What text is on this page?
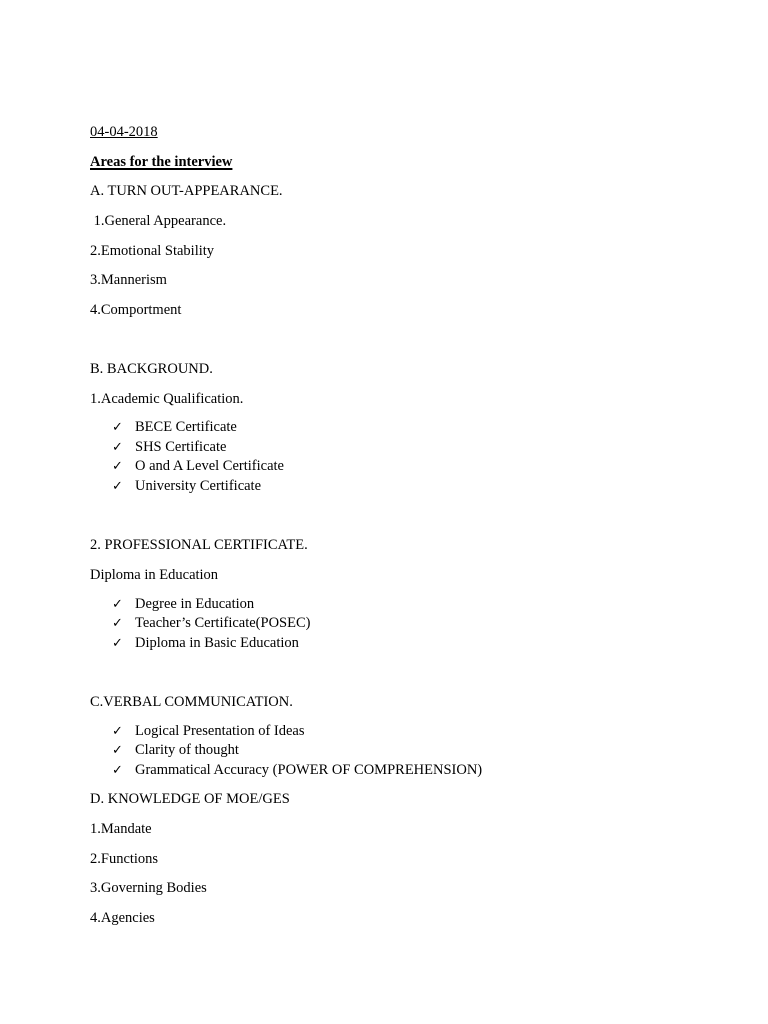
04-04-2018
Areas for the interview
A. TURN OUT-APPEARANCE.
1.General Appearance.
2.Emotional Stability
3.Mannerism
4.Comportment
B. BACKGROUND.
1.Academic Qualification.
✓ BECE Certificate
✓ SHS Certificate
✓ O and A Level Certificate
✓ University Certificate
2. PROFESSIONAL CERTIFICATE.
Diploma in Education
✓ Degree in Education
✓ Teacher’s Certificate(POSEC)
✓ Diploma in Basic Education
C.VERBAL COMMUNICATION.
✓ Logical Presentation of Ideas
✓ Clarity of thought
✓ Grammatical Accuracy (POWER OF COMPREHENSION)
D. KNOWLEDGE OF MOE/GES
1.Mandate
2.Functions
3.Governing Bodies
4.Agencies
